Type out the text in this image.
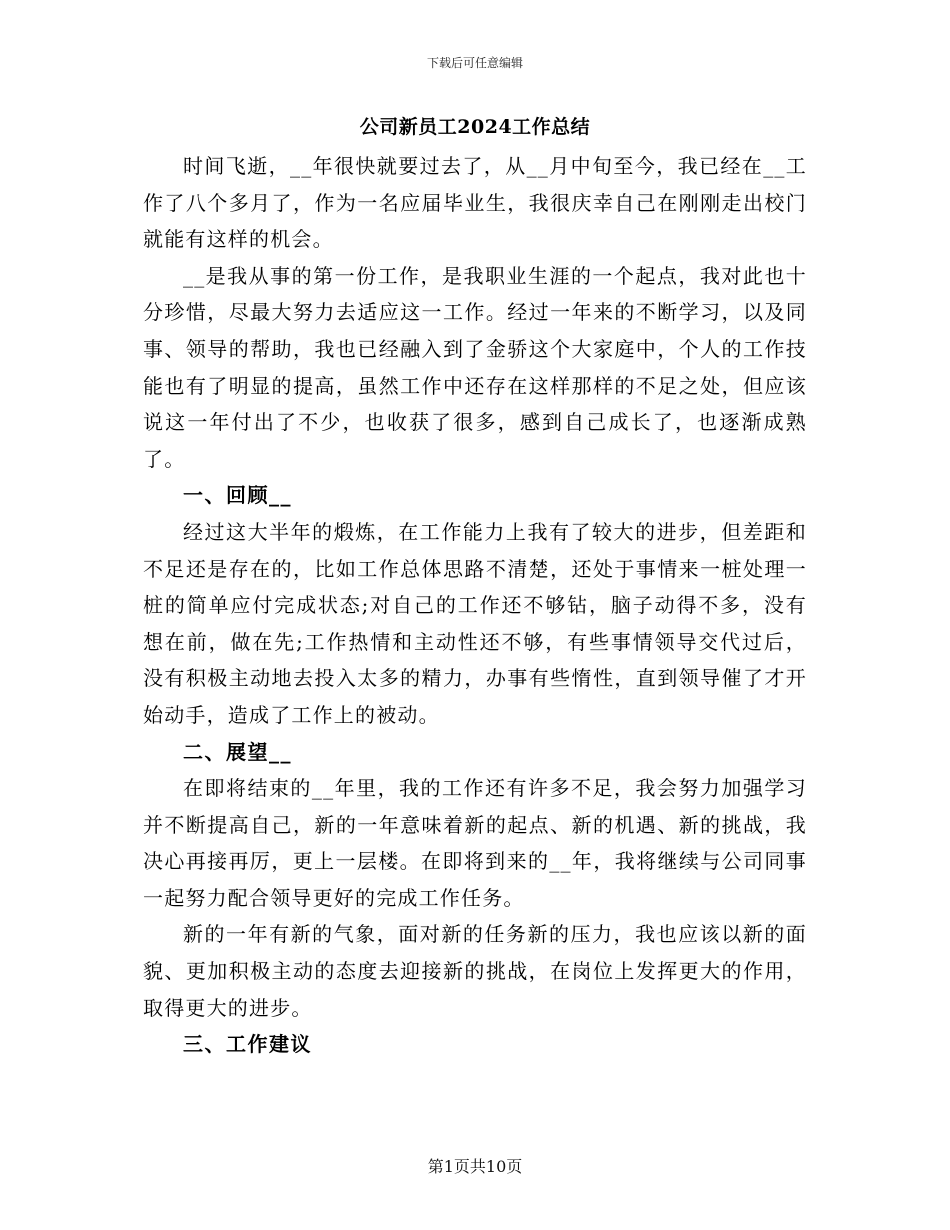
下载后可任意编辑
公司新员工2024工作总结

时间飞逝，__年很快就要过去了，从__月中旬至今，我已经在__工作了八个多月了，作为一名应届毕业生，我很庆幸自己在刚刚走出校门就能有这样的机会。

__是我从事的第一份工作，是我职业生涯的一个起点，我对此也十分珍惜，尽最大努力去适应这一工作。经过一年来的不断学习，以及同事、领导的帮助，我也已经融入到了金骄这个大家庭中，个人的工作技能也有了明显的提高，虽然工作中还存在这样那样的不足之处，但应该说这一年付出了不少，也收获了很多，感到自己成长了，也逐渐成熟了。

一、回顾__

经过这大半年的煅炼，在工作能力上我有了较大的进步，但差距和不足还是存在的，比如工作总体思路不清楚，还处于事情来一桩处理一桩的简单应付完成状态;对自己的工作还不够钻，脑子动得不多，没有想在前，做在先;工作热情和主动性还不够，有些事情领导交代过后，没有积极主动地去投入太多的精力，办事有些惰性，直到领导催了才开始动手，造成了工作上的被动。

二、展望__

在即将结束的__年里，我的工作还有许多不足，我会努力加强学习并不断提高自己，新的一年意味着新的起点、新的机遇、新的挑战，我决心再接再厉，更上一层楼。在即将到来的__年，我将继续与公司同事一起努力配合领导更好的完成工作任务。

新的一年有新的气象，面对新的任务新的压力，我也应该以新的面貌、更加积极主动的态度去迎接新的挑战，在岗位上发挥更大的作用，取得更大的进步。

三、工作建议
第1页共10页
